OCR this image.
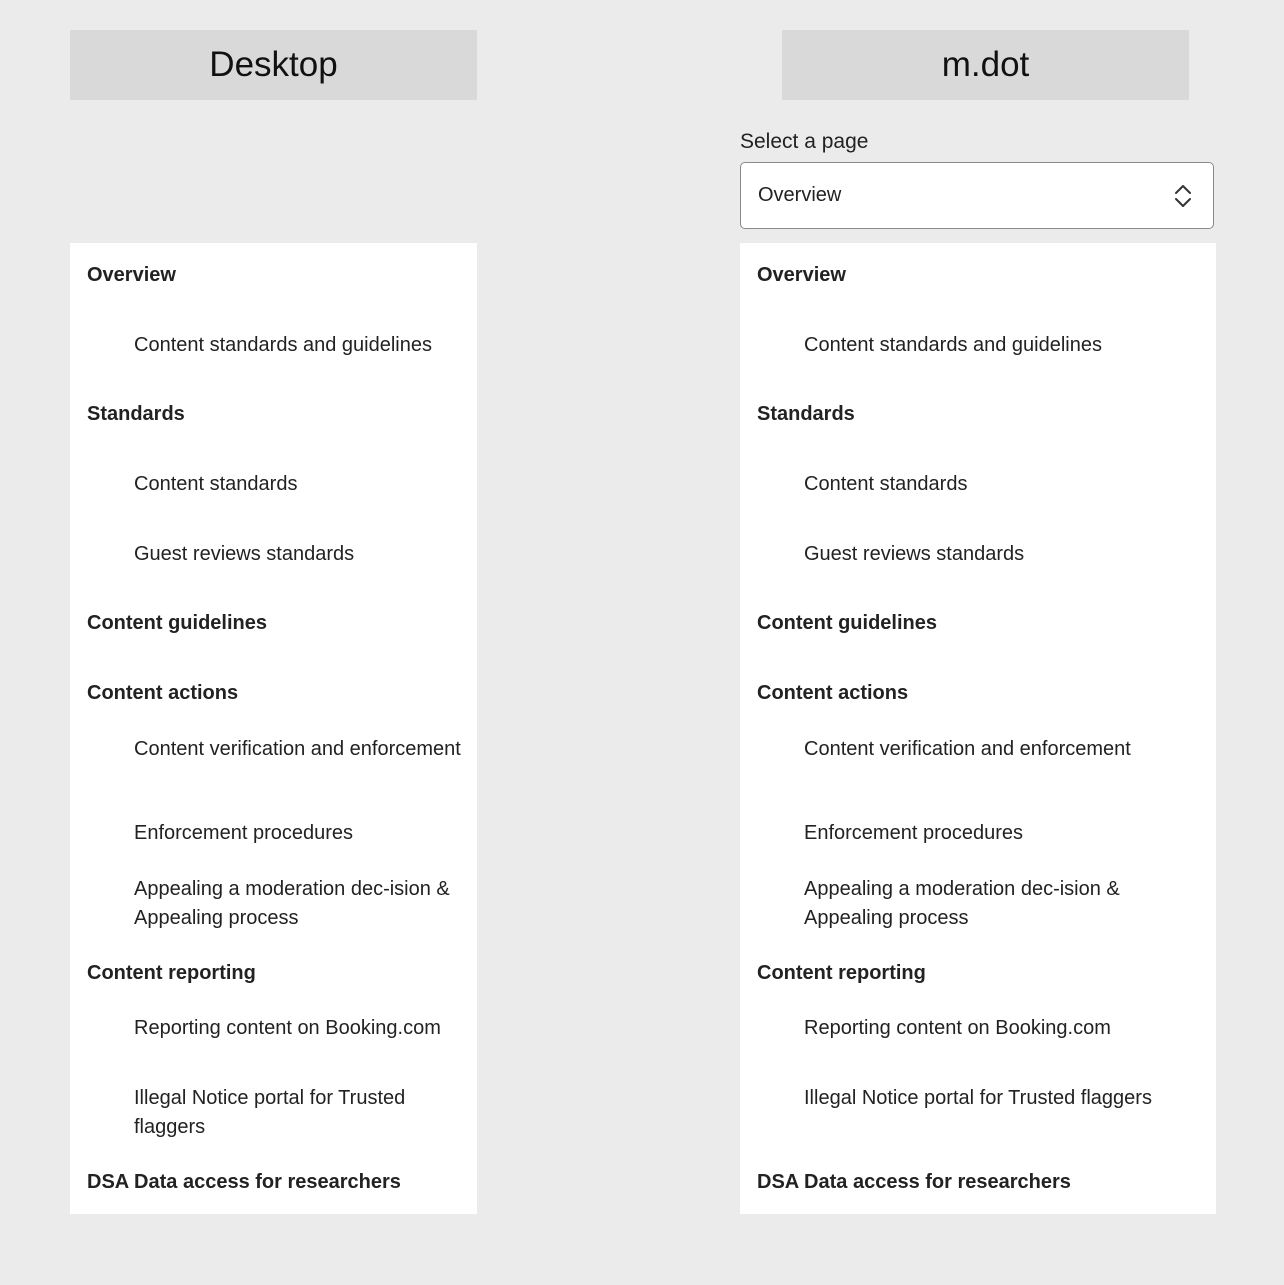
Desktop
Overview
Content standards and guidelines
Standards
Content standards
Guest reviews standards
Content guidelines
Content actions
Content verification and enforcement
Enforcement procedures
Appealing a moderation dec-ision & Appealing process
Content reporting
Reporting content on Booking.com
Illegal Notice portal for Trusted flaggers
DSA Data access for researchers
m.dot
Select a page
Overview
Overview
Content standards and guidelines
Standards
Content standards
Guest reviews standards
Content guidelines
Content actions
Content verification and enforcement
Enforcement procedures
Appealing a moderation dec-ision & Appealing process
Content reporting
Reporting content on Booking.com
Illegal Notice portal for Trusted flaggers
DSA Data access for researchers
